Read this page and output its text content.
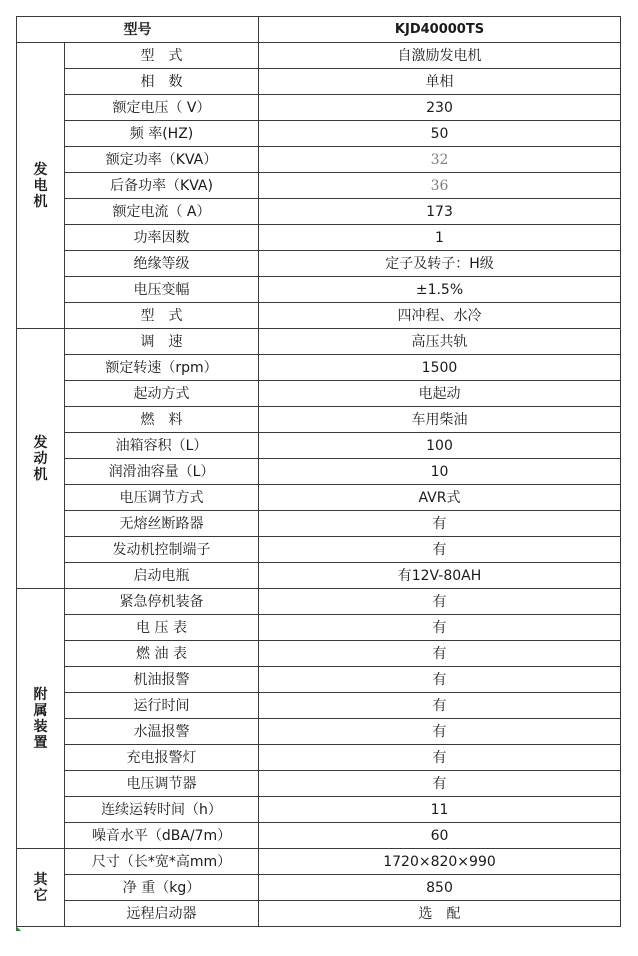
型号		KJD40000TS

发
电
机	型　式	自激励发电机
	相　数	单相
	额定电压（ V）	230
	频 率(HZ)	50
	额定功率（KVA）	32
	后备功率（KVA)	36
	额定电流（ A）	173
	功率因数	1
	绝缘等级	定子及转子：H级
	电压变幅	±1.5%
	型　式	四冲程、水冷

发
动
机	调　速	高压共轨
	额定转速（rpm）	1500
	起动方式	电起动
	燃　料	车用柴油
	油箱容积（L）	100
	润滑油容量（L）	10
	电压调节方式	AVR式
	无熔丝断路器	有
	发动机控制端子	有
	启动电瓶	有12V-80AH

附
属
装
置	紧急停机装备	有
	电 压 表	有
	燃 油 表	有
	机油报警	有
	运行时间	有
	水温报警	有
	充电报警灯	有
	电压调节器	有
	连续运转时间（h）	11
	噪音水平（dBA/7m）	60

其
它	尺寸（长*宽*高mm）	1720×820×990
	净 重（kg）	850
	远程启动器	选　配
